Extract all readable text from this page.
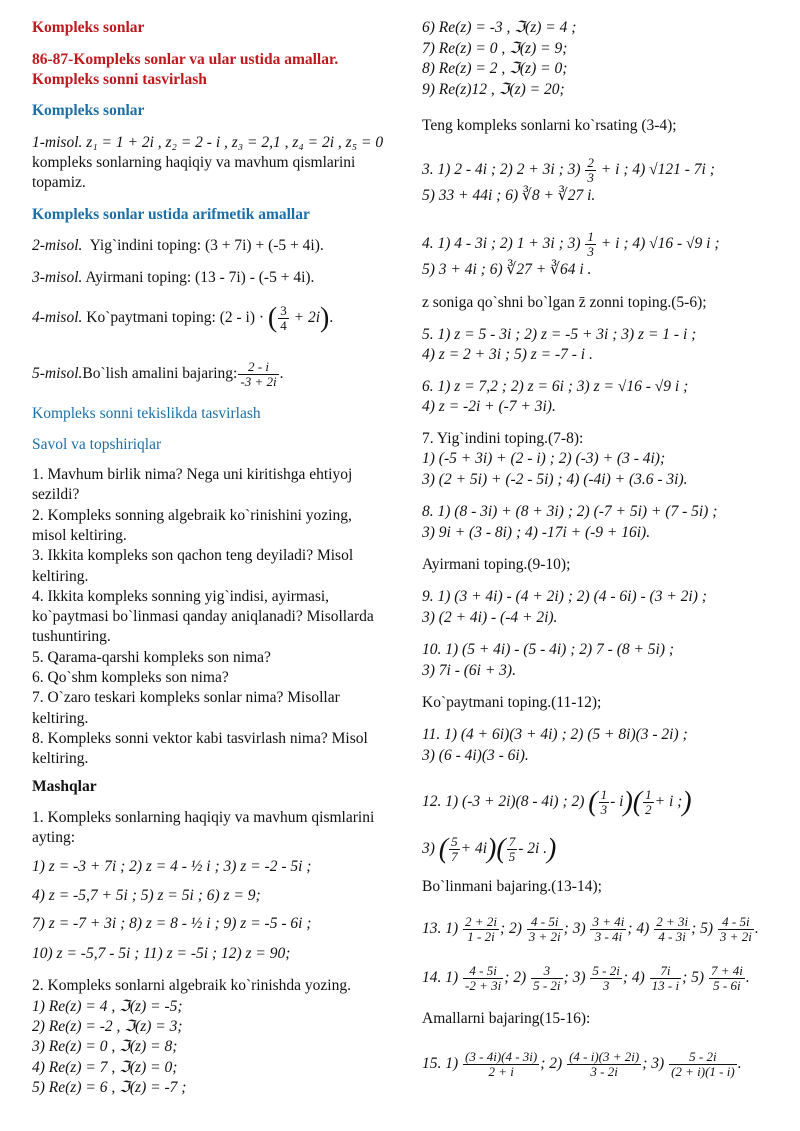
Kompleks sonlar
86-87-Kompleks sonlar va ular ustida amallar.
Kompleks sonni tasvirlash
Kompleks sonlar
1-misol. z₁ = 1 + 2i , z₂ = 2 - i , z₃ = 2,1 , z₄ = 2i , z₅ = 0
kompleks sonlarning haqiqiy va mavhum qismlarini
topamiz.
Kompleks sonlar ustida arifmetik amallar
2-misol. Yig`indini toping: (3 + 7i) + (-5 + 4i).
3-misol. Ayirmani toping: (13 - 7i) - (-5 + 4i).
4-misol. Ko`paytmani toping: (2 - i) · ( $\frac{3}{4} + 2i$).
5-misol.Bo`lish amalini bajaring: $\frac{2 - i}{-3 + 2i}$ .
Kompleks sonni tekislikda tasvirlash
Savol va topshiriqlar
1. Mavhum birlik nima? Nega uni kiritishga ehtiyoj
sezildi?
2. Kompleks sonning algebraik ko`rinishini yozing,
misol keltiring.
3. Ikkita kompleks son qachon teng deyiladi? Misol
keltiring.
4. Ikkita kompleks sonning yig`indisi, ayirmasi,
ko`paytmasi bo`linmasi qanday aniqlanadi? Misollarda
tushuntiring.
5. Qarama-qarshi kompleks son nima?
6. Qo`shm kompleks son nima?
7. O`zaro teskari kompleks sonlar nima? Misollar
keltiring.
8. Kompleks sonni vektor kabi tasvirlash nima? Misol
keltiring.
Mashqlar
1. Kompleks sonlarning haqiqiy va mavhum qismlarini
ayting:
1) z = -3 + 7i ; 2) z = 4 - ½ i ; 3) z = -2 - 5i ;
4) z = -5,7 + 5i ; 5) z = 5i ; 6) z = 9;
7) z = -7 + 3i ; 8) z = 8 - ½ i ; 9) z = -5 - 6i ;
10) z = -5,7 - 5i ; 11) z = -5i ; 12) z = 90;
2. Kompleks sonlarni algebraik ko`rinishda yozing.
1) Re(z) = 4 , ℑ(z) = -5;
2) Re(z) = -2 , ℑ(z) = 3;
3) Re(z) = 0 , ℑ(z) = 8;
4) Re(z) = 7 , ℑ(z) = 0;
5) Re(z) = 6 , ℑ(z) = -7 ;
6) Re(z) = -3 , ℑ(z) = 4 ;
7) Re(z) = 0 , ℑ(z) = 9;
8) Re(z) = 2 , ℑ(z) = 0;
9) Re(z)12 , ℑ(z) = 20;
Teng kompleks sonlarni ko`rsating (3-4);
3. 1) 2 - 4i ; 2) 2 + 3i ; $3) \frac{2}{3} + i$ ; 4) √121 - 7i ;
5) 33 + 44i ; 6) ∛8 + ∛27 i.
4. 1) 4 - 3i ; 2) 1 + 3i ; $3) \frac{1}{3} + i$ ; 4) √16 - √9 i ;
5) 3 + 4i ; 6) ∛27 + ∛64 i .
z soniga qo`shni bo`lgan z̄ zonni toping.(5-6);
5. 1) z = 5 - 3i ; 2) z = -5 + 3i ; 3) z = 1 - i ;
4) z = 2 + 3i ; 5) z = -7 - i .
6. 1) z = 7,2 ; 2) z = 6i ; 3) z = √16 - √9 i ;
4) z = -2i + (-7 + 3i).
7. Yig`indini toping.(7-8):
1) (-5 + 3i) + (2 - i) ; 2) (-3) + (3 - 4i);
3) (2 + 5i) + (-2 - 5i) ; 4) (-4i) + (3.6 - 3i).
8. 1) (8 - 3i) + (8 + 3i) ; 2) (-7 + 5i) + (7 - 5i) ;
3) 9i + (3 - 8i) ; 4) -17i + (-9 + 16i).
Ayirmani toping.(9-10);
9. 1) (3 + 4i) - (4 + 2i) ; 2) (4 - 6i) - (3 + 2i) ;
3) (2 + 4i) - (-4 + 2i).
10. 1) (5 + 4i) - (5 - 4i) ; 2) 7 - (8 + 5i) ;
3) 7i - (6i + 3).
Ko`paytmani toping.(11-12);
11. 1) (4 + 6i)(3 + 4i) ; 2) (5 + 8i)(3 - 2i) ;
3) (6 - 4i)(3 - 6i).
12. 1) (-3 + 2i)(8 - 4i) ; 2) ( $\frac{1}{3} - i)( \frac{1}{2} + i$ ;)
3) ( $\frac{5}{7} + 4i)( \frac{7}{5} - 2i$ .)
Bo`linmani bajaring.(13-14);
13. $1) \frac{2 + 2i}{1 - 2i}$ ; $2) \frac{4 - 5i}{3 + 2i}$ ; $3) \frac{3 + 4i}{3 - 4i}$ ; $4) \frac{2 + 3i}{4 - 3i}$ ; $5) \frac{4 - 5i}{3 + 2i}$ .
14. $1) \frac{4 - 5i}{-2 + 3i}$ ; $2) \frac{3}{5 - 2i}$ ; $3) \frac{5 - 2i}{3}$ ; $4) \frac{7i}{13 - i}$ ; $5) \frac{7 + 4i}{5 - 6i}$ .
Amallarni bajaring(15-16):
15. $1) \frac{(3 - 4i)(4 - 3i)}{2 + i}$ ; $2) \frac{(4 - i)(3 + 2i)}{3 - 2i}$ ; $3) \frac{5 - 2i}{(2 + i)(1 - i)}$ .
